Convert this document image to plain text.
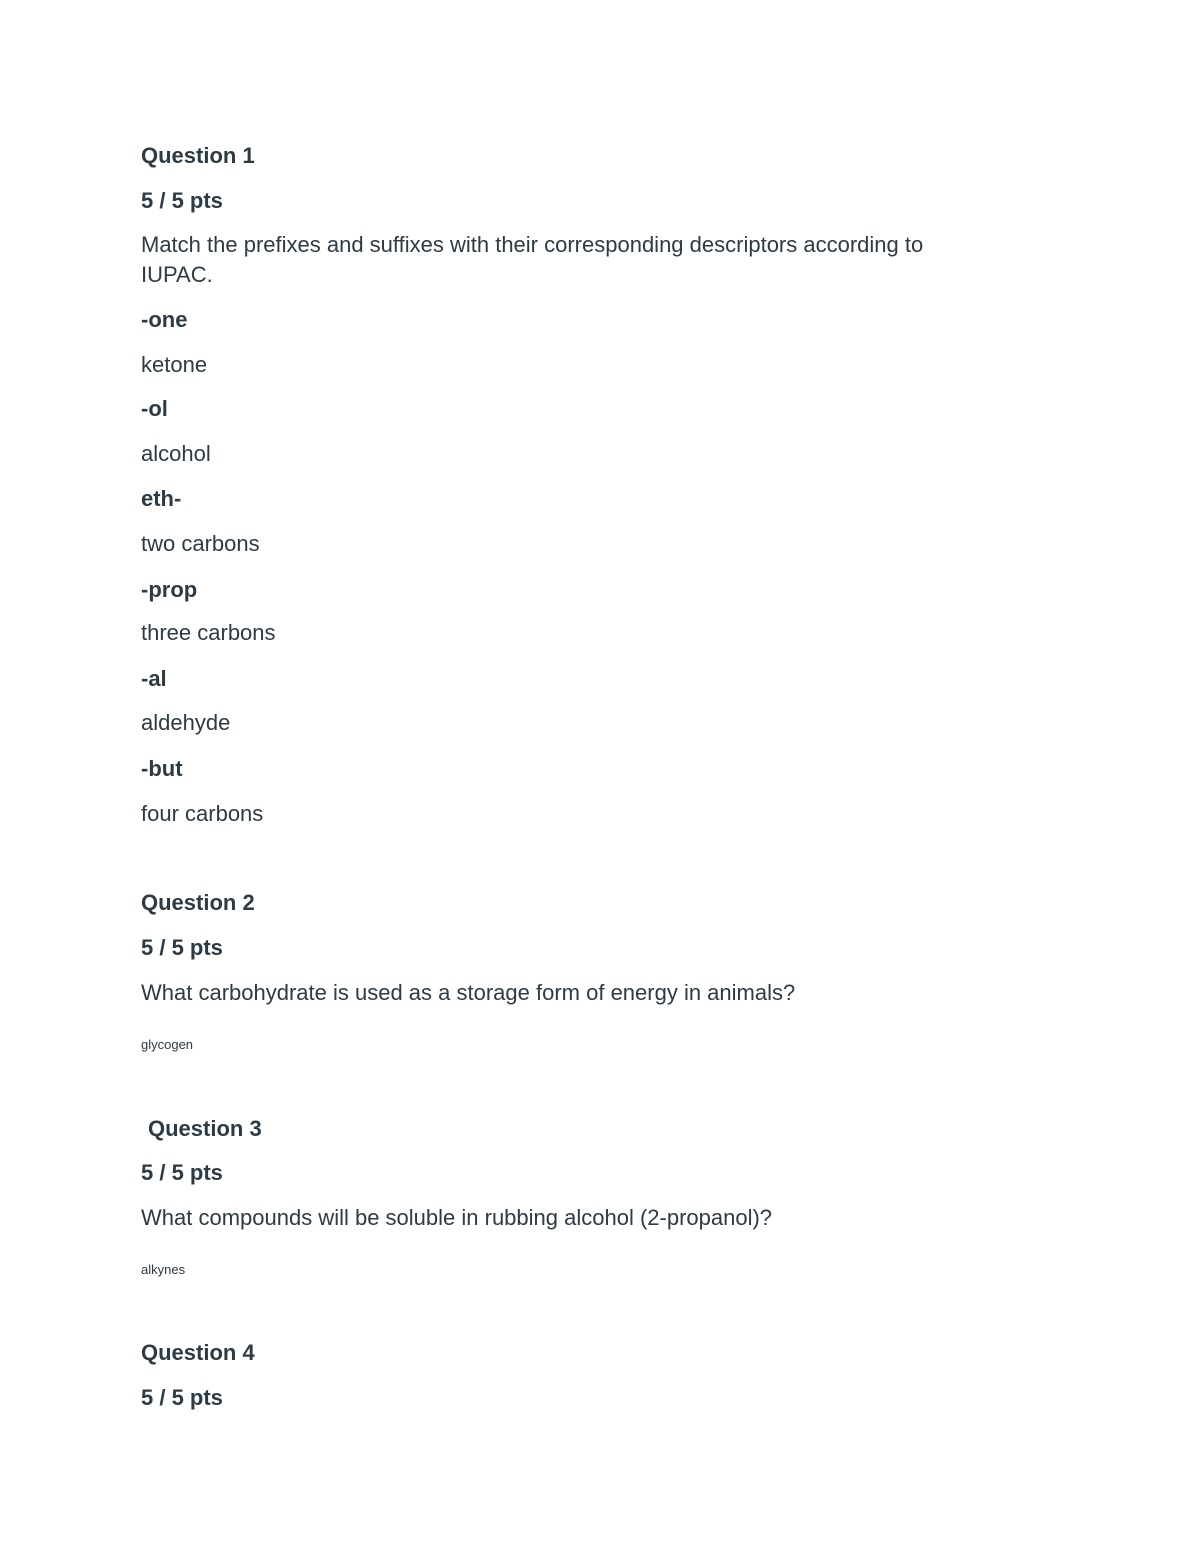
Question 1
5 / 5 pts
Match the prefixes and suffixes with their corresponding descriptors according to IUPAC.
-one
ketone
-ol
alcohol
eth-
two carbons
-prop
three carbons
-al
aldehyde
-but
four carbons
Question 2
5 / 5 pts
What carbohydrate is used as a storage form of energy in animals?
glycogen
Question 3
5 / 5 pts
What compounds will be soluble in rubbing alcohol (2-propanol)?
alkynes
Question 4
5 / 5 pts
